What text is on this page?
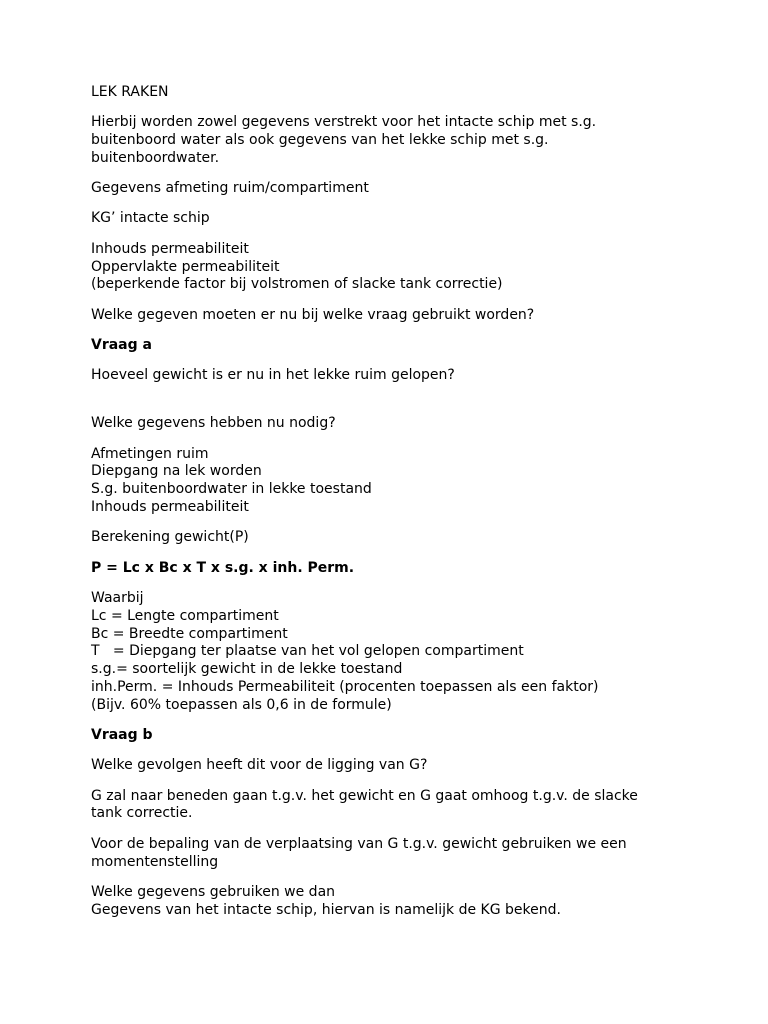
LEK RAKEN

Hierbij worden zowel gegevens verstrekt voor het intacte schip met s.g.
buitenboord water als ook gegevens van het lekke schip met s.g.
buitenboordwater.

Gegevens afmeting ruim/compartiment

KG’ intacte schip

Inhouds permeabiliteit
Oppervlakte permeabiliteit
(beperkende factor bij volstromen of slacke tank correctie)

Welke gegeven moeten er nu bij welke vraag gebruikt worden?

Vraag a

Hoeveel gewicht is er nu in het lekke ruim gelopen?

Welke gegevens hebben nu nodig?

Afmetingen ruim
Diepgang na lek worden
S.g. buitenboordwater in lekke toestand
Inhouds permeabiliteit

Berekening gewicht(P)

P = Lc x Bc x T x s.g. x inh. Perm.

Waarbij
Lc = Lengte compartiment
Bc = Breedte compartiment
T   = Diepgang ter plaatse van het vol gelopen compartiment
s.g.= soortelijk gewicht in de lekke toestand
inh.Perm. = Inhouds Permeabiliteit (procenten toepassen als een faktor)
(Bijv. 60% toepassen als 0,6 in de formule)

Vraag b

Welke gevolgen heeft dit voor de ligging van G?

G zal naar beneden gaan t.g.v. het gewicht en G gaat omhoog t.g.v. de slacke
tank correctie.

Voor de bepaling van de verplaatsing van G t.g.v. gewicht gebruiken we een
momentenstelling

Welke gegevens gebruiken we dan
Gegevens van het intacte schip, hiervan is namelijk de KG bekend.
